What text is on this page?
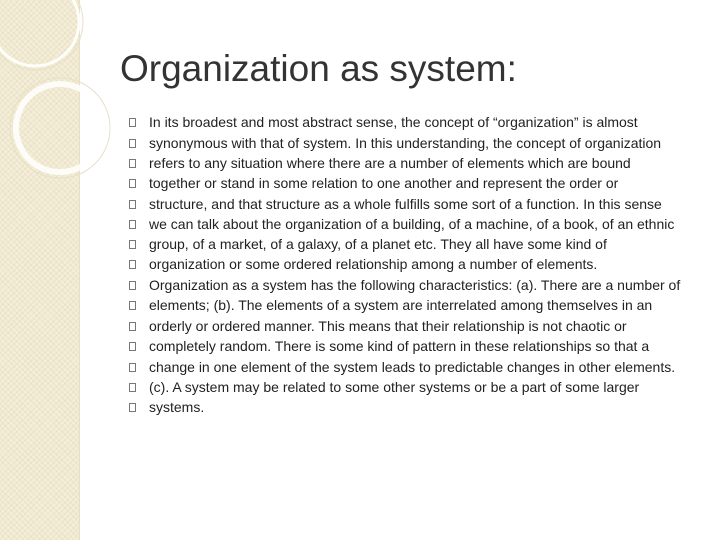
Organization as system:
In its broadest and most abstract sense, the concept of “organization” is almost
synonymous with that of system. In this understanding, the concept of organization
refers to any situation where there are a number of elements which are bound
together or stand in some relation to one another and represent the order or
structure, and that structure as a whole fulfills some sort of a function. In this sense
we can talk about the organization of a building, of a machine, of a book, of an ethnic
group, of a market, of a galaxy, of a planet etc. They all have some kind of
organization or some ordered relationship among a number of elements.
Organization as a system has the following characteristics: (a). There are a number of
elements; (b). The elements of a system are interrelated among themselves in an
orderly or ordered manner. This means that their relationship is not chaotic or
completely random. There is some kind of pattern in these relationships so that a
change in one element of the system leads to predictable changes in other elements.
(c). A system may be related to some other systems or be a part of some larger
systems.
